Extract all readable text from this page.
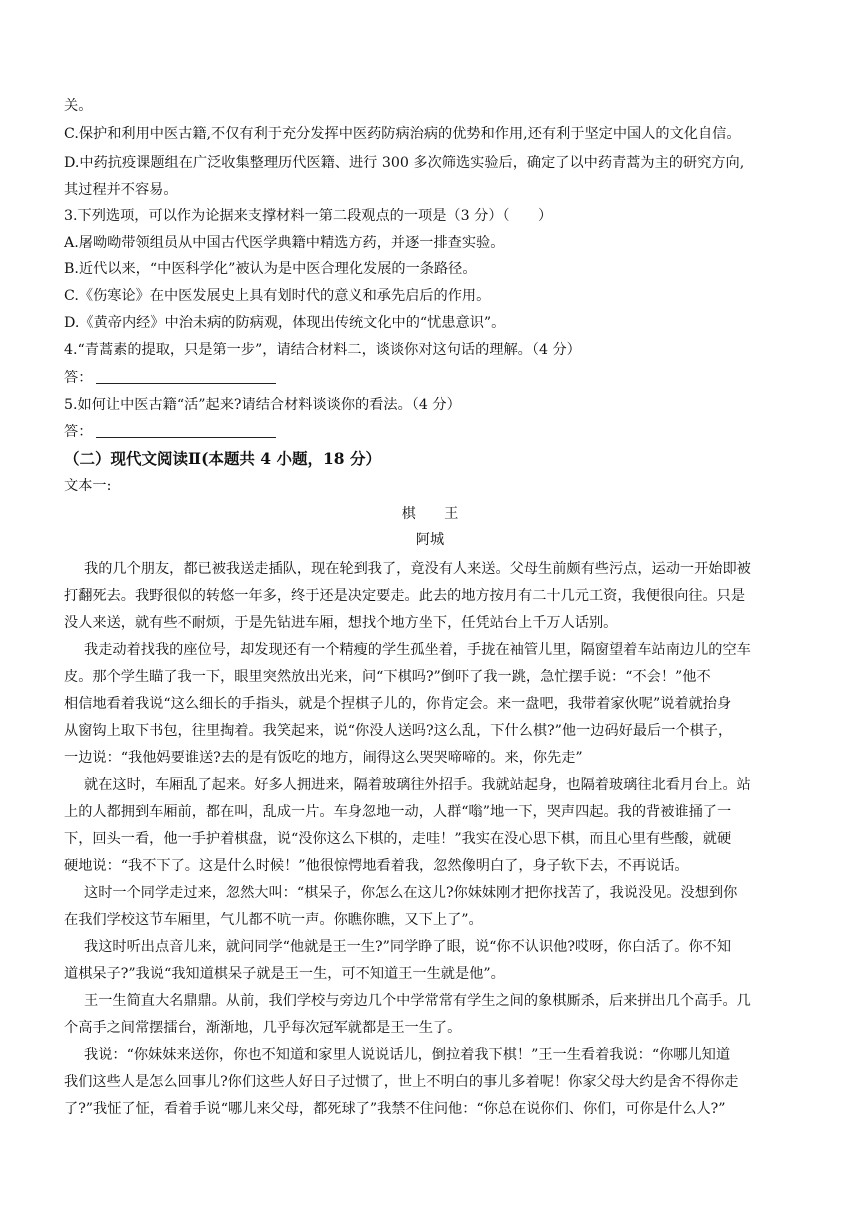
关。
C.保护和利用中医古籍,不仅有利于充分发挥中医药防病治病的优势和作用,还有利于坚定中国人的文化自信。
D.中药抗疫课题组在广泛收集整理历代医籍、进行 300 多次筛选实验后，确定了以中药青蒿为主的研究方向,
其过程并不容易。
3.下列选项，可以作为论据来支撑材料一第二段观点的一项是（3 分）（　　）
A.屠呦呦带领组员从中国古代医学典籍中精选方药，并逐一排查实验。
B.近代以来，“中医科学化”被认为是中医合理化发展的一条路径。
C.《伤寒论》在中医发展史上具有划时代的意义和承先启后的作用。
D.《黄帝内经》中治未病的防病观，体现出传统文化中的“忧患意识”。
4.“青蒿素的提取，只是第一步”，请结合材料二，谈谈你对这句话的理解。（4 分）
答：
5.如何让中医古籍“活”起来?请结合材料谈谈你的看法。（4 分）
答：
（二）现代文阅读Ⅱ(本题共 4 小题，18 分）
文本一:
棋　　王
阿城
我的几个朋友，都已被我送走插队，现在轮到我了，竟没有人来送。父母生前颇有些污点，运动一开始即被
打翻死去。我野很似的转悠一年多，终于还是决定要走。此去的地方按月有二十几元工资，我便很向往。只是
没人来送，就有些不耐烦，于是先钻进车厢，想找个地方坐下，任凭站台上千万人话别。
我走动着找我的座位号，却发现还有一个精瘦的学生孤坐着，手拢在袖管儿里，隔窗望着车站南边儿的空车
皮。那个学生瞄了我一下，眼里突然放出光来，问“下棋吗?”倒吓了我一跳，急忙摆手说：“不会！”他不
相信地看着我说“这么细长的手指头，就是个捏棋子儿的，你肯定会。来一盘吧，我带着家伙呢”说着就抬身
从窗钩上取下书包，往里掏着。我笑起来，说“你没人送吗?这么乱，下什么棋?”他一边码好最后一个棋子，
一边说：“我他妈要谁送?去的是有饭吃的地方，闹得这么哭哭啼啼的。来，你先走”
就在这时，车厢乱了起来。好多人拥进来，隔着玻璃往外招手。我就站起身，也隔着玻璃往北看月台上。站
上的人都拥到车厢前，都在叫，乱成一片。车身忽地一动，人群“嗡”地一下，哭声四起。我的背被谁捅了一
下，回头一看，他一手护着棋盘，说“没你这么下棋的，走哇！”我实在没心思下棋，而且心里有些酸，就硬
硬地说：“我不下了。这是什么时候！”他很惊愕地看着我，忽然像明白了，身子软下去，不再说话。
这时一个同学走过来，忽然大叫：“棋呆子，你怎么在这儿?你妹妹刚才把你找苦了，我说没见。没想到你
在我们学校这节车厢里，气儿都不吭一声。你瞧你瞧，又下上了”。
我这时听出点音儿来，就问同学“他就是王一生?”同学睁了眼，说“你不认识他?哎呀，你白活了。你不知
道棋呆子?”我说“我知道棋呆子就是王一生，可不知道王一生就是他”。
王一生简直大名鼎鼎。从前，我们学校与旁边几个中学常常有学生之间的象棋厮杀，后来拼出几个高手。几
个高手之间常摆擂台，渐渐地，几乎每次冠军就都是王一生了。
我说：“你妹妹来送你，你也不知道和家里人说说话儿，倒拉着我下棋！”王一生看着我说：“你哪儿知道
我们这些人是怎么回事儿?你们这些人好日子过惯了，世上不明白的事儿多着呢！你家父母大约是舍不得你走
了?”我怔了怔，看着手说“哪儿来父母，都死球了”我禁不住问他：“你总在说你们、你们，可你是什么人?”
